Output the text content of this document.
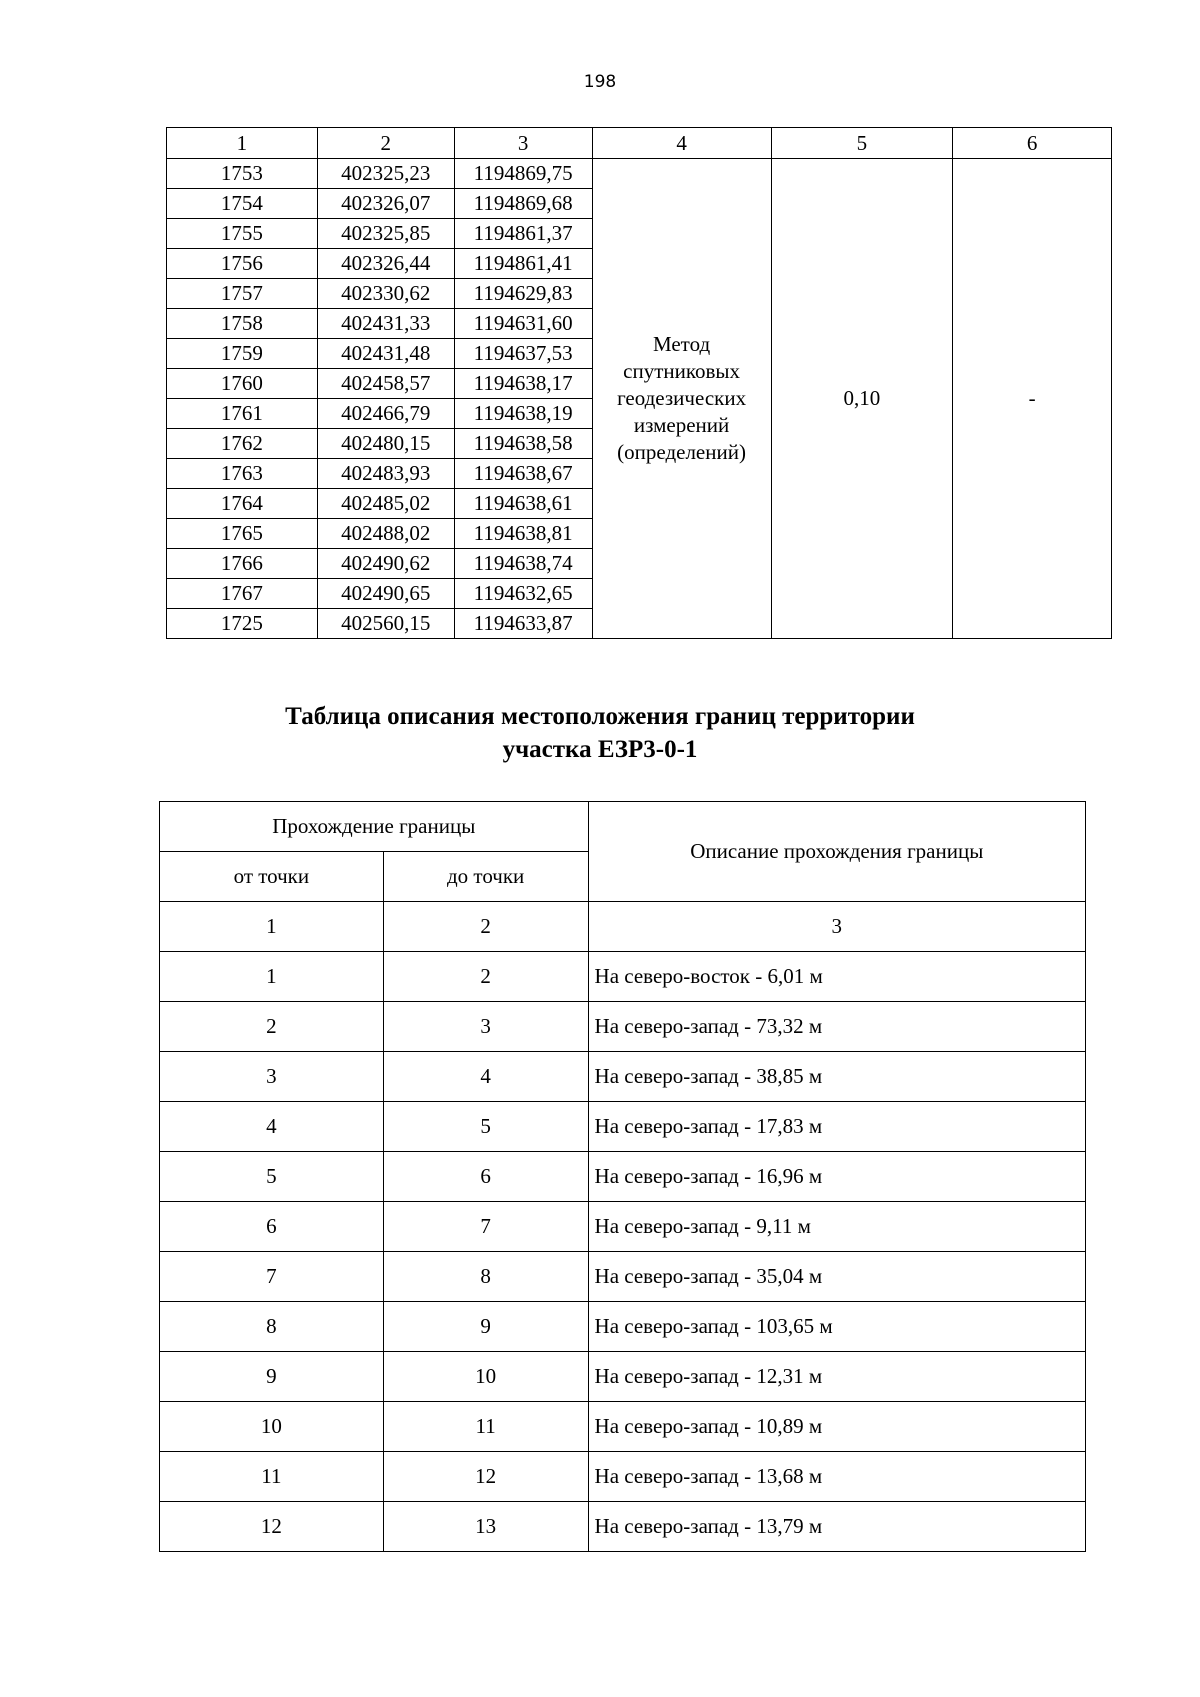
198
1	2	3	4	5	6
1753	402325,23	1194869,75	Метод спутниковых геодезических измерений (определений)	0,10	-
1754	402326,07	1194869,68			
1755	402325,85	1194861,37			
1756	402326,44	1194861,41			
1757	402330,62	1194629,83			
1758	402431,33	1194631,60			
1759	402431,48	1194637,53			
1760	402458,57	1194638,17			
1761	402466,79	1194638,19			
1762	402480,15	1194638,58			
1763	402483,93	1194638,67			
1764	402485,02	1194638,61			
1765	402488,02	1194638,81			
1766	402490,62	1194638,74			
1767	402490,65	1194632,65			
1725	402560,15	1194633,87			
Таблица описания местоположения границ территории
участка ЕЗР3-0-1
Прохождение границы		Описание прохождения границы
от точки	до точки	
1	2	3
1	2	На северо-восток - 6,01 м
2	3	На северо-запад - 73,32 м
3	4	На северо-запад - 38,85 м
4	5	На северо-запад - 17,83 м
5	6	На северо-запад - 16,96 м
6	7	На северо-запад - 9,11 м
7	8	На северо-запад - 35,04 м
8	9	На северо-запад - 103,65 м
9	10	На северо-запад - 12,31 м
10	11	На северо-запад - 10,89 м
11	12	На северо-запад - 13,68 м
12	13	На северо-запад - 13,79 м
